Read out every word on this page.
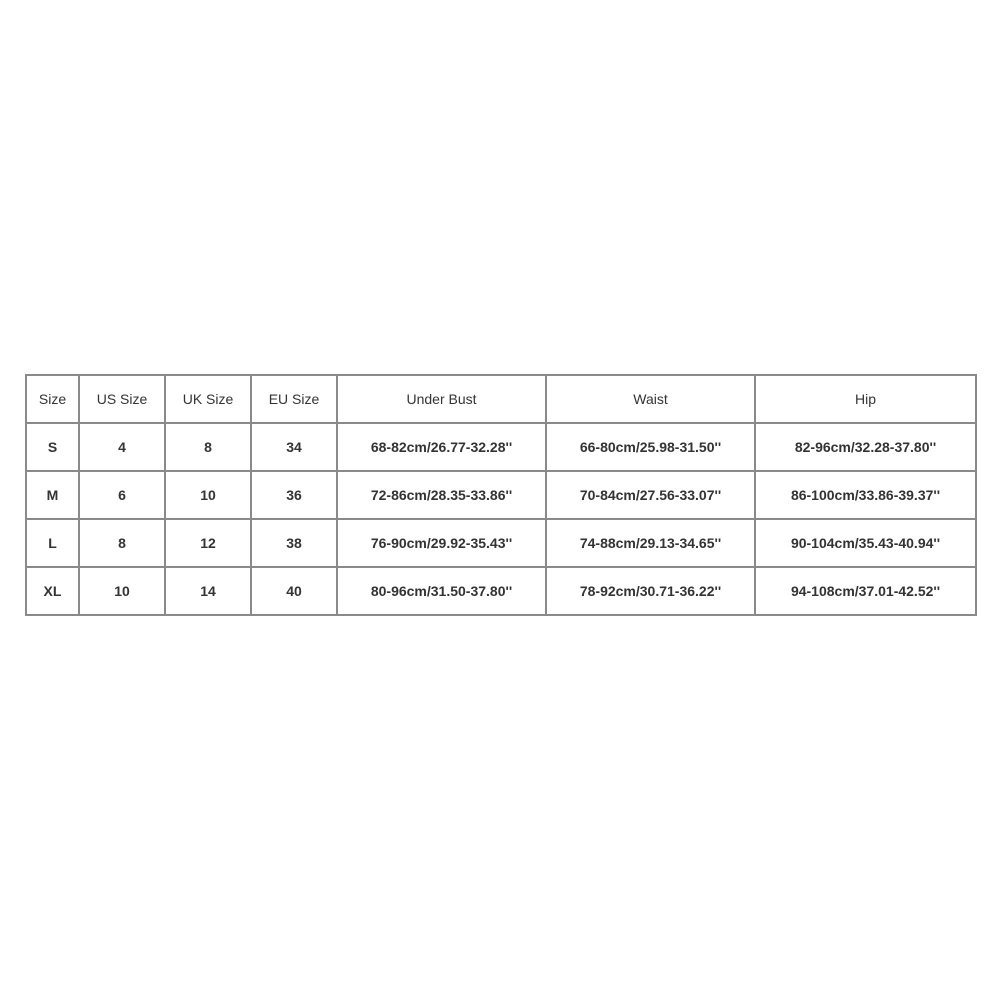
Size	US Size	UK Size	EU Size	Under Bust	Waist	Hip
S	4	8	34	68-82cm/26.77-32.28''	66-80cm/25.98-31.50''	82-96cm/32.28-37.80''
M	6	10	36	72-86cm/28.35-33.86''	70-84cm/27.56-33.07''	86-100cm/33.86-39.37''
L	8	12	38	76-90cm/29.92-35.43''	74-88cm/29.13-34.65''	90-104cm/35.43-40.94''
XL	10	14	40	80-96cm/31.50-37.80''	78-92cm/30.71-36.22''	94-108cm/37.01-42.52''
